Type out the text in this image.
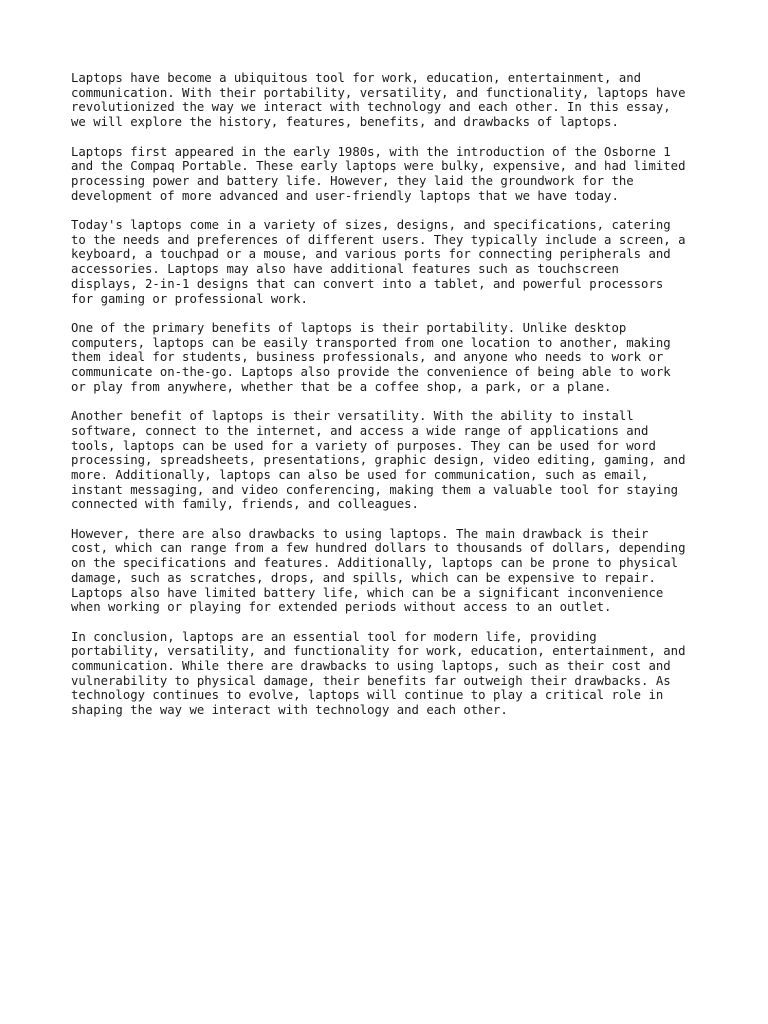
Laptops have become a ubiquitous tool for work, education, entertainment, and
communication. With their portability, versatility, and functionality, laptops have
revolutionized the way we interact with technology and each other. In this essay,
we will explore the history, features, benefits, and drawbacks of laptops.

Laptops first appeared in the early 1980s, with the introduction of the Osborne 1
and the Compaq Portable. These early laptops were bulky, expensive, and had limited
processing power and battery life. However, they laid the groundwork for the
development of more advanced and user-friendly laptops that we have today.

Today's laptops come in a variety of sizes, designs, and specifications, catering
to the needs and preferences of different users. They typically include a screen, a
keyboard, a touchpad or a mouse, and various ports for connecting peripherals and
accessories. Laptops may also have additional features such as touchscreen
displays, 2-in-1 designs that can convert into a tablet, and powerful processors
for gaming or professional work.

One of the primary benefits of laptops is their portability. Unlike desktop
computers, laptops can be easily transported from one location to another, making
them ideal for students, business professionals, and anyone who needs to work or
communicate on-the-go. Laptops also provide the convenience of being able to work
or play from anywhere, whether that be a coffee shop, a park, or a plane.

Another benefit of laptops is their versatility. With the ability to install
software, connect to the internet, and access a wide range of applications and
tools, laptops can be used for a variety of purposes. They can be used for word
processing, spreadsheets, presentations, graphic design, video editing, gaming, and
more. Additionally, laptops can also be used for communication, such as email,
instant messaging, and video conferencing, making them a valuable tool for staying
connected with family, friends, and colleagues.

However, there are also drawbacks to using laptops. The main drawback is their
cost, which can range from a few hundred dollars to thousands of dollars, depending
on the specifications and features. Additionally, laptops can be prone to physical
damage, such as scratches, drops, and spills, which can be expensive to repair.
Laptops also have limited battery life, which can be a significant inconvenience
when working or playing for extended periods without access to an outlet.

In conclusion, laptops are an essential tool for modern life, providing
portability, versatility, and functionality for work, education, entertainment, and
communication. While there are drawbacks to using laptops, such as their cost and
vulnerability to physical damage, their benefits far outweigh their drawbacks. As
technology continues to evolve, laptops will continue to play a critical role in
shaping the way we interact with technology and each other.
